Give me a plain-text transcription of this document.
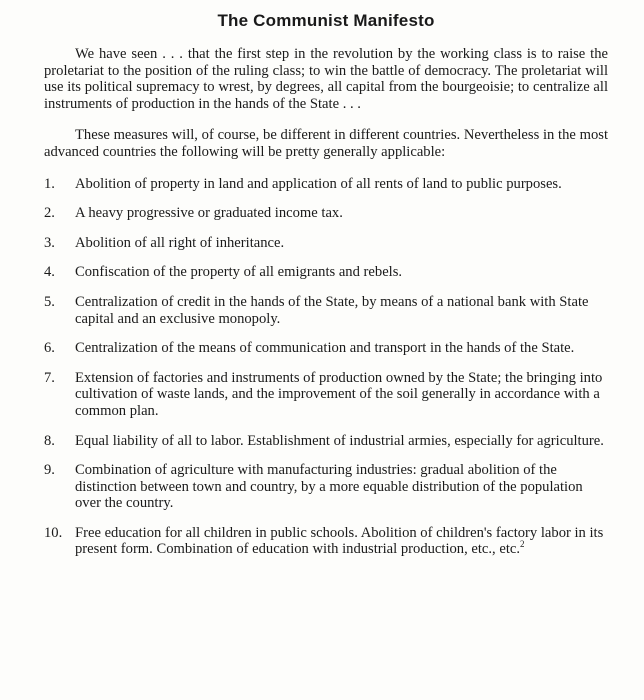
The Communist Manifesto

We have seen . . . that the first step in the revolution by the working class is to raise the proletariat to the position of the ruling class; to win the battle of democracy. The proletariat will use its political supremacy to wrest, by degrees, all capital from the bourgeoisie; to centralize all instruments of production in the hands of the State . . .

These measures will, of course, be different in different countries. Nevertheless in the most advanced countries the following will be pretty generally applicable:

1. Abolition of property in land and application of all rents of land to public purposes.
2. A heavy progressive or graduated income tax.
3. Abolition of all right of inheritance.
4. Confiscation of the property of all emigrants and rebels.
5. Centralization of credit in the hands of the State, by means of a national bank with State capital and an exclusive monopoly.
6. Centralization of the means of communication and transport in the hands of the State.
7. Extension of factories and instruments of production owned by the State; the bringing into cultivation of waste lands, and the improvement of the soil generally in accordance with a common plan.
8. Equal liability of all to labor. Establishment of industrial armies, especially for agriculture.
9. Combination of agriculture with manufacturing industries: gradual abolition of the distinction between town and country, by a more equable distribution of the population over the country.
10. Free education for all children in public schools. Abolition of children's factory labor in its present form. Combination of education with industrial production, etc., etc.$^2$
